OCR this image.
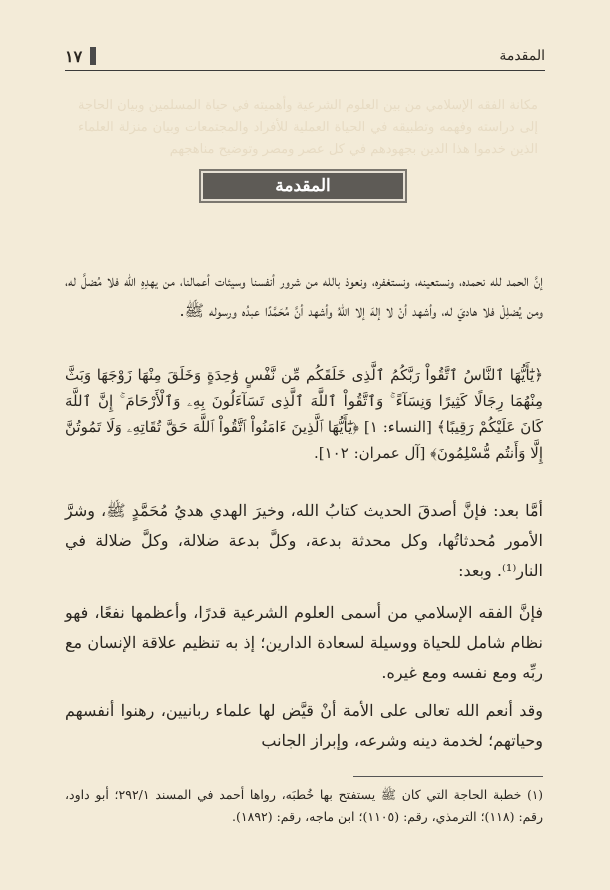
المقدمة
١٧
مكانة الفقه الإسلامي من بين العلوم الشرعية وأهميته في حياة المسلمين وبيان الحاجة إلى دراسته وفهمه وتطبيقه في الحياة العملية للأفراد والمجتمعات وبيان منزلة العلماء الذين خدموا هذا الدين بجهودهم في كل عصر ومصر وتوضيح مناهجهم
المقدمة
إنَّ الحمد لله نحمده، ونستعينه، ونستغفره، ونعوذ بالله من شرور أنفسنا وسيئات أعمالنا، من يهدِهِ الله فلا مُضلَّ له، ومن يُضلِلْ فلا هاديَ له، وأشهد أنْ لا إلهَ إلا اللهُ وأشهد أنَّ مُحَمَّدًا عبدُه ورسوله ﷺ.
﴿يَٰٓأَيُّهَا ٱلنَّاسُ ٱتَّقُواْ رَبَّكُمُ ٱلَّذِى خَلَقَكُم مِّن نَّفْسٍ وَٰحِدَةٍ وَخَلَقَ مِنْهَا زَوْجَهَا وَبَثَّ مِنْهُمَا رِجَالًا كَثِيرًا وَنِسَآءً ۚ وَٱتَّقُواْ ٱللَّهَ ٱلَّذِى تَسَآءَلُونَ بِهِۦ وَٱلْأَرْحَامَ ۚ إِنَّ ٱللَّهَ كَانَ عَلَيْكُمْ رَقِيبًا﴾ [النساء: ١] ﴿يَٰٓأَيُّهَا ٱلَّذِينَ ءَامَنُواْ ٱتَّقُواْ ٱللَّهَ حَقَّ تُقَاتِهِۦ وَلَا تَمُوتُنَّ إِلَّا وَأَنتُم مُّسْلِمُونَ﴾ [آل عمران: ١٠٢].
أمَّا بعد: فإنَّ أصدقَ الحديث كتابُ الله، وخيرَ الهدي هديُ مُحَمَّدٍ ﷺ، وشرَّ الأمور مُحدثاتُها، وكل محدثة بدعة، وكلَّ بدعة ضلالة، وكلَّ ضلالة في النار⁽¹⁾. وبعد:
فإنَّ الفقه الإسلامي من أسمى العلوم الشرعية قدرًا، وأعظمها نفعًا، فهو نظام شامل للحياة ووسيلة لسعادة الدارين؛ إذ به تنظيم علاقة الإنسان مع ربِّه ومع نفسه ومع غيره.
وقد أنعم الله تعالى على الأمة أنْ قيَّض لها علماء ربانيين، رهنوا أنفسهم وحياتهم؛ لخدمة دينه وشرعه، وإبراز الجانب
(١) خطبة الحاجة التي كان ﷺ يستفتح بها خُطبَه، رواها أحمد في المسند ٢٩٢/١؛ أبو داود، رقم: (١١٨)؛ الترمذي، رقم: (١١٠٥)؛ ابن ماجه، رقم: (١٨٩٢).
